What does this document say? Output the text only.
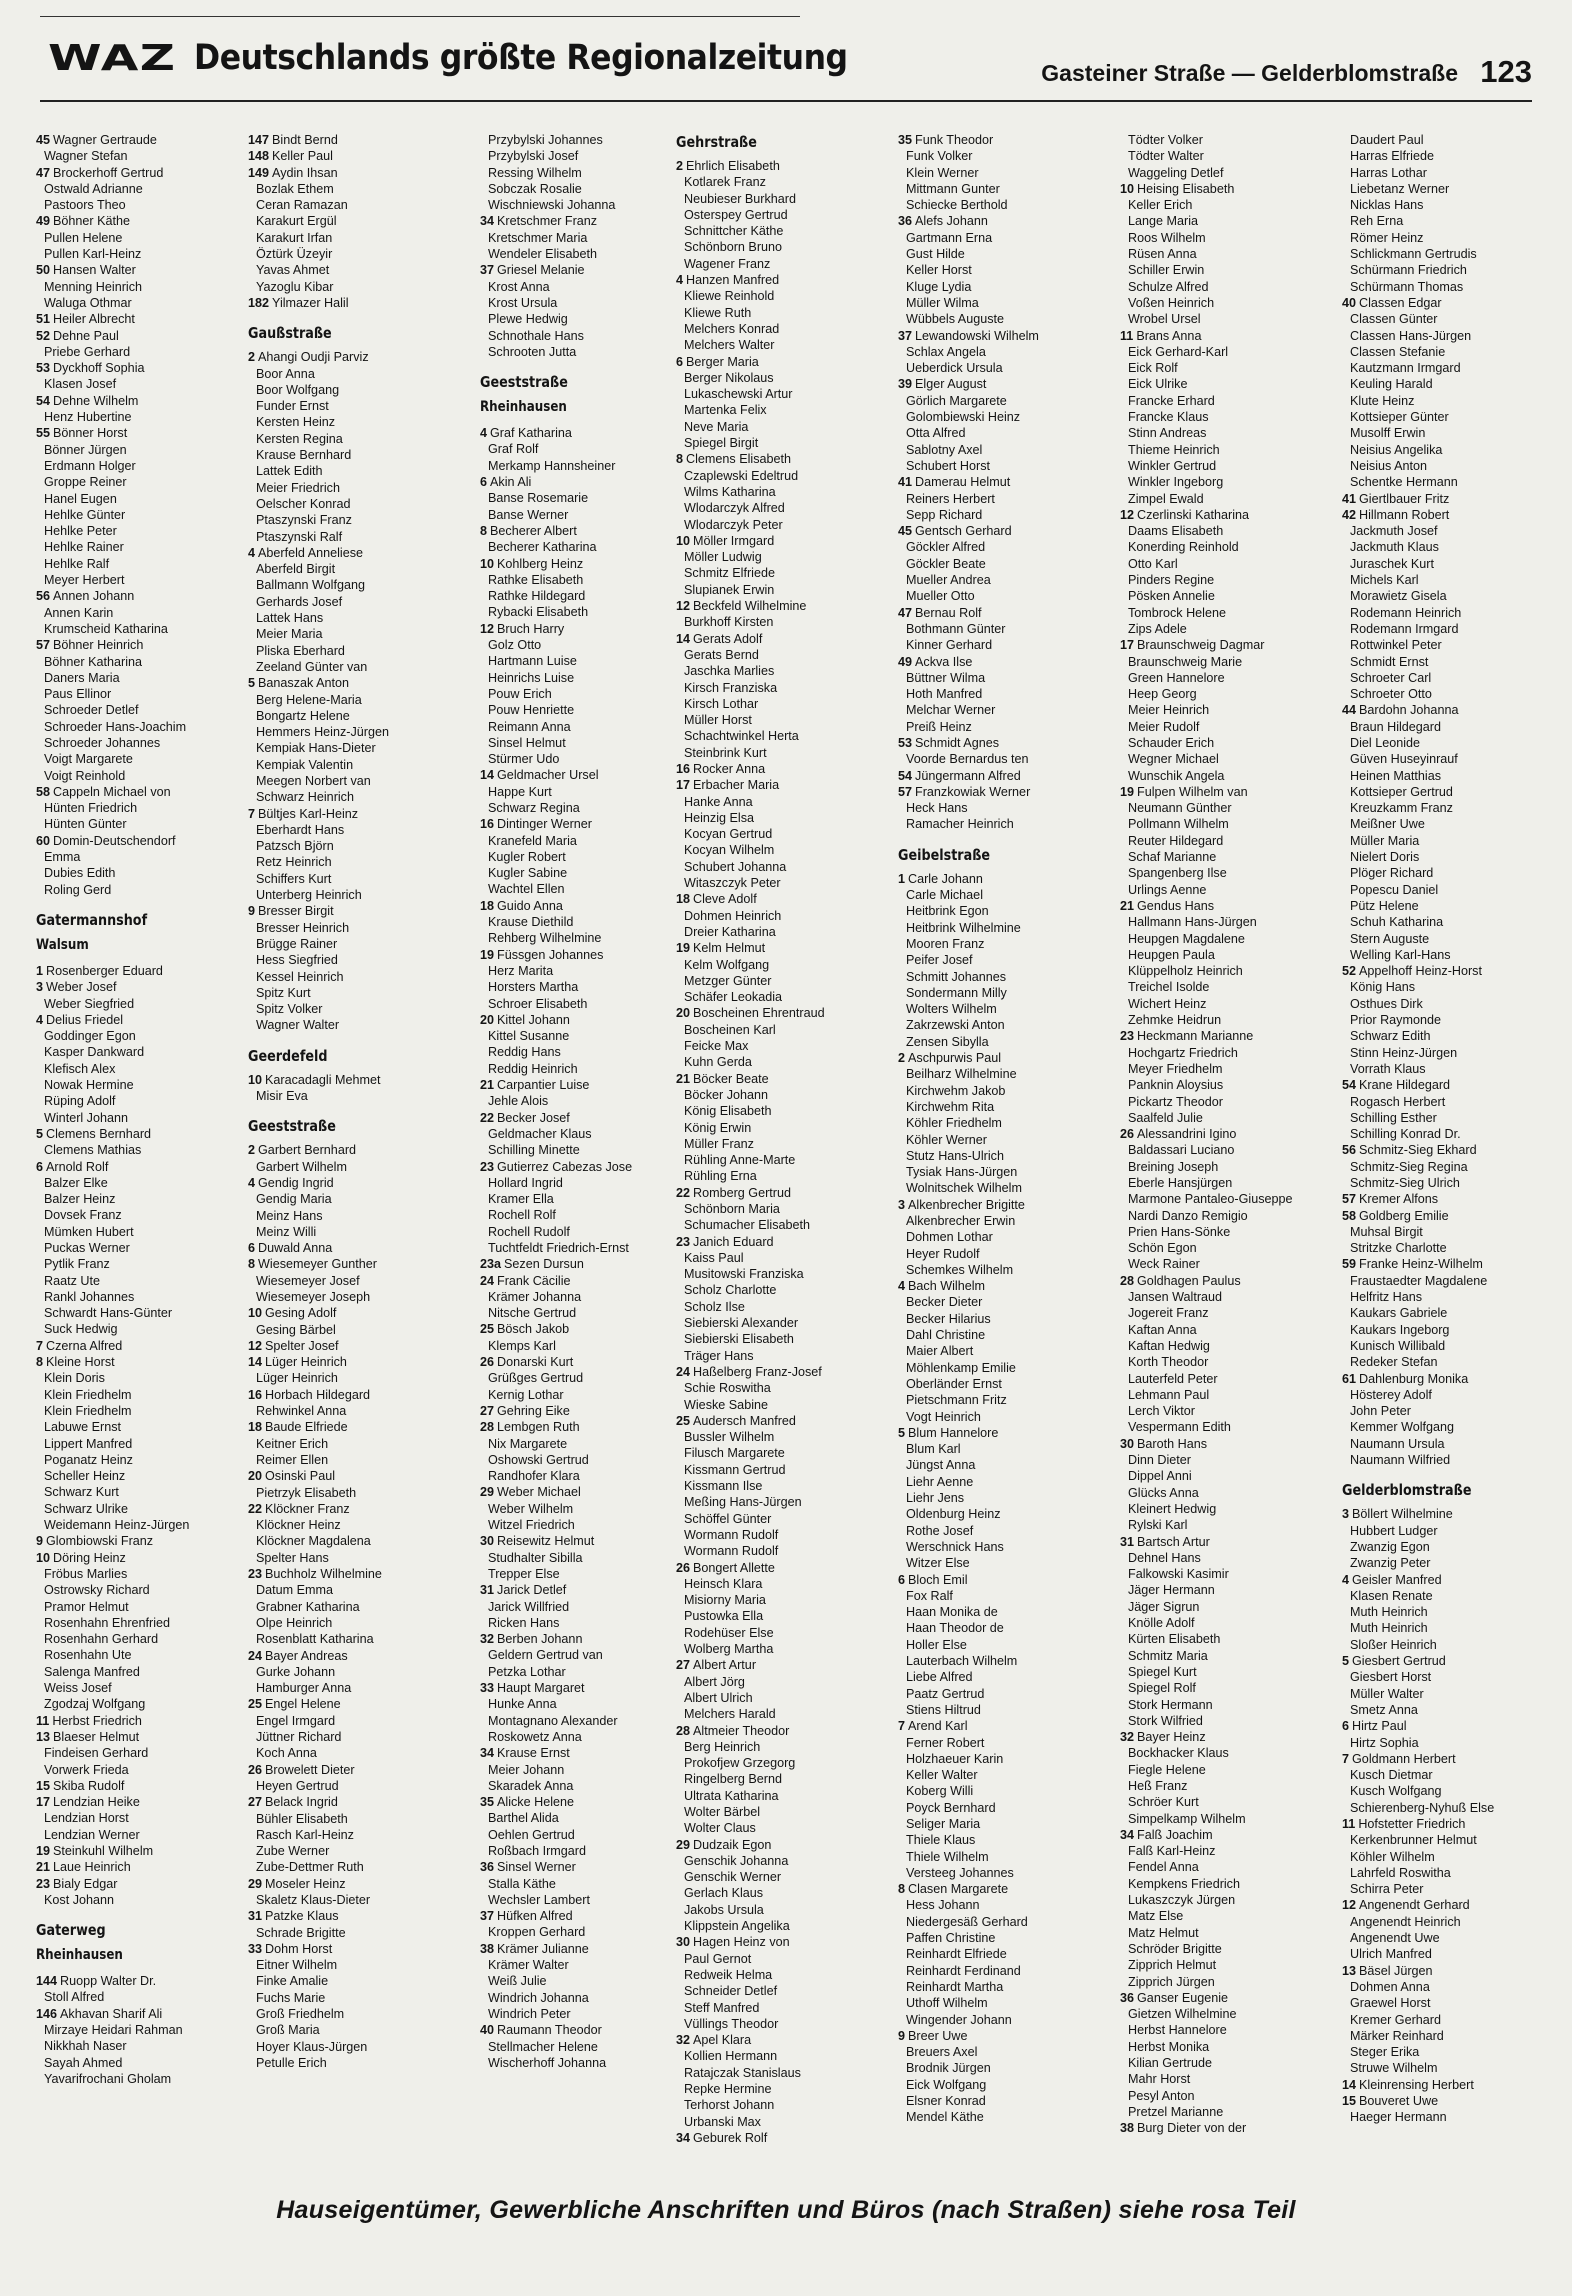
WAZ Deutschlands größte Regionalzeitung	Gasteiner Straße — Gelderblomstraße 123
45 Wagner Gertraude
Wagner Stefan
47 Brockerhoff Gertrud
Ostwald Adrianne
Pastoors Theo
49 Böhner Käthe
Pullen Helene
Pullen Karl-Heinz
50 Hansen Walter
Menning Heinrich
Waluga Othmar
51 Heiler Albrecht
52 Dehne Paul
Priebe Gerhard
53 Dyckhoff Sophia
Klasen Josef
54 Dehne Wilhelm
Henz Hubertine
55 Bönner Horst
Bönner Jürgen
Erdmann Holger
Groppe Reiner
Hanel Eugen
Hehlke Günter
Hehlke Peter
Hehlke Rainer
Hehlke Ralf
Meyer Herbert
56 Annen Johann
Annen Karin
Krumscheid Katharina
57 Böhner Heinrich
Böhner Katharina
Daners Maria
Paus Ellinor
Schroeder Detlef
Schroeder Hans-Joachim
Schroeder Johannes
Voigt Margarete
Voigt Reinhold
58 Cappeln Michael von
Hünten Friedrich
Hünten Günter
60 Domin-Deutschendorf
Emma
Dubies Edith
Roling Gerd
Gatermannshof
Walsum
1 Rosenberger Eduard
3 Weber Josef
Weber Siegfried
4 Delius Friedel
Goddinger Egon
Kasper Dankward
Klefisch Alex
Nowak Hermine
Rüping Adolf
Winterl Johann
5 Clemens Bernhard
Clemens Mathias
6 Arnold Rolf
Balzer Elke
Balzer Heinz
Dovsek Franz
Mümken Hubert
Puckas Werner
Pytlik Franz
Raatz Ute
Rankl Johannes
Schwardt Hans-Günter
Suck Hedwig
7 Czerna Alfred
8 Kleine Horst
Klein Doris
Klein Friedhelm
Klein Friedhelm
Labuwe Ernst
Lippert Manfred
Poganatz Heinz
Scheller Heinz
Schwarz Kurt
Schwarz Ulrike
Weidemann Heinz-Jürgen
9 Glombiowski Franz
10 Döring Heinz
Fröbus Marlies
Ostrowsky Richard
Pramor Helmut
Rosenhahn Ehrenfried
Rosenhahn Gerhard
Rosenhahn Ute
Salenga Manfred
Weiss Josef
Zgodzaj Wolfgang
11 Herbst Friedrich
13 Blaeser Helmut
Findeisen Gerhard
Vorwerk Frieda
15 Skiba Rudolf
17 Lendzian Heike
Lendzian Horst
Lendzian Werner
19 Steinkuhl Wilhelm
21 Laue Heinrich
23 Bialy Edgar
Kost Johann
Gaterweg
Rheinhausen
144 Ruopp Walter Dr.
Stoll Alfred
146 Akhavan Sharif Ali
Mirzaye Heidari Rahman
Nikkhah Naser
Sayah Ahmed
Yavarifrochani Gholam
147 Bindt Bernd
148 Keller Paul
149 Aydin Ihsan
Bozlak Ethem
Ceran Ramazan
Karakurt Ergül
Karakurt Irfan
Öztürk Üzeyir
Yavas Ahmet
Yazoglu Kibar
182 Yilmazer Halil
Gaußstraße
2 Ahangi Oudji Parviz
Boor Anna
Boor Wolfgang
Funder Ernst
Kersten Heinz
Kersten Regina
Krause Bernhard
Lattek Edith
Meier Friedrich
Oelscher Konrad
Ptaszynski Franz
Ptaszynski Ralf
4 Aberfeld Anneliese
Aberfeld Birgit
Ballmann Wolfgang
Gerhards Josef
Lattek Hans
Meier Maria
Pliska Eberhard
Zeeland Günter van
5 Banaszak Anton
Berg Helene-Maria
Bongartz Helene
Hemmers Heinz-Jürgen
Kempiak Hans-Dieter
Kempiak Valentin
Meegen Norbert van
Schwarz Heinrich
7 Bültjes Karl-Heinz
Eberhardt Hans
Patzsch Björn
Retz Heinrich
Schiffers Kurt
Unterberg Heinrich
9 Bresser Birgit
Bresser Heinrich
Brügge Rainer
Hess Siegfried
Kessel Heinrich
Spitz Kurt
Spitz Volker
Wagner Walter
Geerdefeld
10 Karacadagli Mehmet
Misir Eva
Geeststraße
2 Garbert Bernhard
Garbert Wilhelm
4 Gendig Ingrid
Gendig Maria
Meinz Hans
Meinz Willi
6 Duwald Anna
8 Wiesemeyer Gunther
Wiesemeyer Josef
Wiesemeyer Joseph
10 Gesing Adolf
Gesing Bärbel
12 Spelter Josef
14 Lüger Heinrich
Lüger Heinrich
16 Horbach Hildegard
Rehwinkel Anna
18 Baude Elfriede
Keitner Erich
Reimer Ellen
20 Osinski Paul
Pietrzyk Elisabeth
22 Klöckner Franz
Klöckner Heinz
Klöckner Magdalena
Spelter Hans
23 Buchholz Wilhelmine
Datum Emma
Grabner Katharina
Olpe Heinrich
Rosenblatt Katharina
24 Bayer Andreas
Gurke Johann
Hamburger Anna
25 Engel Helene
Engel Irmgard
Jüttner Richard
Koch Anna
26 Browelett Dieter
Heyen Gertrud
27 Belack Ingrid
Bühler Elisabeth
Rasch Karl-Heinz
Zube Werner
Zube-Dettmer Ruth
29 Moseler Heinz
Skaletz Klaus-Dieter
31 Patzke Klaus
Schrade Brigitte
33 Dohm Horst
Eitner Wilhelm
Finke Amalie
Fuchs Marie
Groß Friedhelm
Groß Maria
Hoyer Klaus-Jürgen
Petulle Erich
Przybylski Johannes
Przybylski Josef
Ressing Wilhelm
Sobczak Rosalie
Wischniewski Johanna
34 Kretschmer Franz
Kretschmer Maria
Wendeler Elisabeth
37 Griesel Melanie
Krost Anna
Krost Ursula
Plewe Hedwig
Schnothale Hans
Schrooten Jutta
Geeststraße
Rheinhausen
4 Graf Katharina
Graf Rolf
Merkamp Hannsheiner
6 Akin Ali
Banse Rosemarie
Banse Werner
8 Becherer Albert
Becherer Katharina
10 Kohlberg Heinz
Rathke Elisabeth
Rathke Hildegard
Rybacki Elisabeth
12 Bruch Harry
Golz Otto
Hartmann Luise
Heinrichs Luise
Pouw Erich
Pouw Henriette
Reimann Anna
Sinsel Helmut
Stürmer Udo
14 Geldmacher Ursel
Happe Kurt
Schwarz Regina
16 Dintinger Werner
Kranefeld Maria
Kugler Robert
Kugler Sabine
Wachtel Ellen
18 Guido Anna
Krause Diethild
Rehberg Wilhelmine
19 Füssgen Johannes
Herz Marita
Horsters Martha
Schroer Elisabeth
20 Kittel Johann
Kittel Susanne
Reddig Hans
Reddig Heinrich
21 Carpantier Luise
Jehle Alois
22 Becker Josef
Geldmacher Klaus
Schilling Minette
23 Gutierrez Cabezas Jose
Hollard Ingrid
Kramer Ella
Rochell Rolf
Rochell Rudolf
Tuchtfeldt Friedrich-Ernst
23a Sezen Dursun
24 Frank Cäcilie
Krämer Johanna
Nitsche Gertrud
25 Bösch Jakob
Klemps Karl
26 Donarski Kurt
Grüßges Gertrud
Kernig Lothar
27 Gehring Eike
28 Lembgen Ruth
Nix Margarete
Oshowski Gertrud
Randhofer Klara
29 Weber Michael
Weber Wilhelm
Witzel Friedrich
30 Reisewitz Helmut
Studhalter Sibilla
Trepper Else
31 Jarick Detlef
Jarick Willfried
Ricken Hans
32 Berben Johann
Geldern Gertrud van
Petzka Lothar
33 Haupt Margaret
Hunke Anna
Montagnano Alexander
Roskowetz Anna
34 Krause Ernst
Meier Johann
Skaradek Anna
35 Alicke Helene
Barthel Alida
Oehlen Gertrud
Roßbach Irmgard
36 Sinsel Werner
Stalla Käthe
Wechsler Lambert
37 Hüfken Alfred
Kroppen Gerhard
38 Krämer Julianne
Krämer Walter
Weiß Julie
Windrich Johanna
Windrich Peter
40 Raumann Theodor
Stellmacher Helene
Wischerhoff Johanna
Gehrstraße
2 Ehrlich Elisabeth
Kotlarek Franz
Neubieser Burkhard
Osterspey Gertrud
Schnittcher Käthe
Schönborn Bruno
Wagener Franz
4 Hanzen Manfred
Kliewe Reinhold
Kliewe Ruth
Melchers Konrad
Melchers Walter
6 Berger Maria
Berger Nikolaus
Lukaschewski Artur
Martenka Felix
Neve Maria
Spiegel Birgit
8 Clemens Elisabeth
Czaplewski Edeltrud
Wilms Katharina
Wlodarczyk Alfred
Wlodarczyk Peter
10 Möller Irmgard
Möller Ludwig
Schmitz Elfriede
Slupianek Erwin
12 Beckfeld Wilhelmine
Burkhoff Kirsten
14 Gerats Adolf
Gerats Bernd
Jaschka Marlies
Kirsch Franziska
Kirsch Lothar
Müller Horst
Schachtwinkel Herta
Steinbrink Kurt
16 Rocker Anna
17 Erbacher Maria
Hanke Anna
Heinzig Elsa
Kocyan Gertrud
Kocyan Wilhelm
Schubert Johanna
Witaszczyk Peter
18 Cleve Adolf
Dohmen Heinrich
Dreier Katharina
19 Kelm Helmut
Kelm Wolfgang
Metzger Günter
Schäfer Leokadia
20 Boscheinen Ehrentraud
Boscheinen Karl
Feicke Max
Kuhn Gerda
21 Böcker Beate
Böcker Johann
König Elisabeth
König Erwin
Müller Franz
Rühling Anne-Marte
Rühling Erna
22 Romberg Gertrud
Schönborn Maria
Schumacher Elisabeth
23 Janich Eduard
Kaiss Paul
Musitowski Franziska
Scholz Charlotte
Scholz Ilse
Siebierski Alexander
Siebierski Elisabeth
Träger Hans
24 Haßelberg Franz-Josef
Schie Roswitha
Wieske Sabine
25 Audersch Manfred
Bussler Wilhelm
Filusch Margarete
Kissmann Gertrud
Kissmann Ilse
Meßing Hans-Jürgen
Schöffel Günter
Wormann Rudolf
Wormann Rudolf
26 Bongert Allette
Heinsch Klara
Misiorny Maria
Pustowka Ella
Rodehüser Else
Wolberg Martha
27 Albert Artur
Albert Jörg
Albert Ulrich
Melchers Harald
28 Altmeier Theodor
Berg Heinrich
Prokofjew Grzegorg
Ringelberg Bernd
Ultrata Katharina
Wolter Bärbel
Wolter Claus
29 Dudzaik Egon
Genschik Johanna
Genschik Werner
Gerlach Klaus
Jakobs Ursula
Klippstein Angelika
30 Hagen Heinz von
Paul Gernot
Redweik Helma
Schneider Detlef
Steff Manfred
Vüllings Theodor
32 Apel Klara
Kollien Hermann
Ratajczak Stanislaus
Repke Hermine
Terhorst Johann
Urbanski Max
34 Geburek Rolf
35 Funk Theodor
Funk Volker
Klein Werner
Mittmann Gunter
Schiecke Berthold
36 Alefs Johann
Gartmann Erna
Gust Hilde
Keller Horst
Kluge Lydia
Müller Wilma
Wübbels Auguste
37 Lewandowski Wilhelm
Schlax Angela
Ueberdick Ursula
39 Elger August
Görlich Margarete
Golombiewski Heinz
Otta Alfred
Sablotny Axel
Schubert Horst
41 Damerau Helmut
Reiners Herbert
Sepp Richard
45 Gentsch Gerhard
Göckler Alfred
Göckler Beate
Mueller Andrea
Mueller Otto
47 Bernau Rolf
Bothmann Günter
Kinner Gerhard
49 Ackva Ilse
Büttner Wilma
Hoth Manfred
Melchar Werner
Preiß Heinz
53 Schmidt Agnes
Voorde Bernardus ten
54 Jüngermann Alfred
57 Franzkowiak Werner
Heck Hans
Ramacher Heinrich
Geibelstraße
1 Carle Johann
Carle Michael
Heitbrink Egon
Heitbrink Wilhelmine
Mooren Franz
Peifer Josef
Schmitt Johannes
Sondermann Milly
Wolters Wilhelm
Zakrzewski Anton
Zensen Sibylla
2 Aschpurwis Paul
Beilharz Wilhelmine
Kirchwehm Jakob
Kirchwehm Rita
Köhler Friedhelm
Köhler Werner
Stutz Hans-Ulrich
Tysiak Hans-Jürgen
Wolnitschek Wilhelm
3 Alkenbrecher Brigitte
Alkenbrecher Erwin
Dohmen Lothar
Heyer Rudolf
Schemkes Wilhelm
4 Bach Wilhelm
Becker Dieter
Becker Hilarius
Dahl Christine
Maier Albert
Möhlenkamp Emilie
Oberländer Ernst
Pietschmann Fritz
Vogt Heinrich
5 Blum Hannelore
Blum Karl
Jüngst Anna
Liehr Aenne
Liehr Jens
Oldenburg Heinz
Rothe Josef
Werschnick Hans
Witzer Else
6 Bloch Emil
Fox Ralf
Haan Monika de
Haan Theodor de
Holler Else
Lauterbach Wilhelm
Liebe Alfred
Paatz Gertrud
Stiens Hiltrud
7 Arend Karl
Ferner Robert
Holzhaeuer Karin
Keller Walter
Koberg Willi
Poyck Bernhard
Seliger Maria
Thiele Klaus
Thiele Wilhelm
Versteeg Johannes
8 Clasen Margarete
Hess Johann
Niedergesäß Gerhard
Paffen Christine
Reinhardt Elfriede
Reinhardt Ferdinand
Reinhardt Martha
Uthoff Wilhelm
Wingender Johann
9 Breer Uwe
Breuers Axel
Brodnik Jürgen
Eick Wolfgang
Elsner Konrad
Mendel Käthe
Tödter Volker
Tödter Walter
Waggeling Detlef
10 Heising Elisabeth
Keller Erich
Lange Maria
Roos Wilhelm
Rüsen Anna
Schiller Erwin
Schulze Alfred
Voßen Heinrich
Wrobel Ursel
11 Brans Anna
Eick Gerhard-Karl
Eick Rolf
Eick Ulrike
Francke Erhard
Francke Klaus
Stinn Andreas
Thieme Heinrich
Winkler Gertrud
Winkler Ingeborg
Zimpel Ewald
12 Czerlinski Katharina
Daams Elisabeth
Konerding Reinhold
Otto Karl
Pinders Regine
Pösken Annelie
Tombrock Helene
Zips Adele
17 Braunschweig Dagmar
Braunschweig Marie
Green Hannelore
Heep Georg
Meier Heinrich
Meier Rudolf
Schauder Erich
Wegner Michael
Wunschik Angela
19 Fulpen Wilhelm van
Neumann Günther
Pollmann Wilhelm
Reuter Hildegard
Schaf Marianne
Spangenberg Ilse
Urlings Aenne
21 Gendus Hans
Hallmann Hans-Jürgen
Heupgen Magdalene
Heupgen Paula
Klüppelholz Heinrich
Treichel Isolde
Wichert Heinz
Zehmke Heidrun
23 Heckmann Marianne
Hochgartz Friedrich
Meyer Friedhelm
Panknin Aloysius
Pickartz Theodor
Saalfeld Julie
26 Alessandrini Igino
Baldassari Luciano
Breining Joseph
Eberle Hansjürgen
Marmone Pantaleo-Giuseppe
Nardi Danzo Remigio
Prien Hans-Sönke
Schön Egon
Weck Rainer
28 Goldhagen Paulus
Jansen Waltraud
Jogereit Franz
Kaftan Anna
Kaftan Hedwig
Korth Theodor
Lauterfeld Peter
Lehmann Paul
Lerch Viktor
Vespermann Edith
30 Baroth Hans
Dinn Dieter
Dippel Anni
Glücks Anna
Kleinert Hedwig
Rylski Karl
31 Bartsch Artur
Dehnel Hans
Falkowski Kasimir
Jäger Hermann
Jäger Sigrun
Knölle Adolf
Kürten Elisabeth
Schmitz Maria
Spiegel Kurt
Spiegel Rolf
Stork Hermann
Stork Wilfried
32 Bayer Heinz
Bockhacker Klaus
Fiegle Helene
Heß Franz
Schröer Kurt
Simpelkamp Wilhelm
34 Falß Joachim
Falß Karl-Heinz
Fendel Anna
Kempkens Friedrich
Lukaszczyk Jürgen
Matz Else
Matz Helmut
Schröder Brigitte
Zipprich Helmut
Zipprich Jürgen
36 Ganser Eugenie
Gietzen Wilhelmine
Herbst Hannelore
Herbst Monika
Kilian Gertrude
Mahr Horst
Pesyl Anton
Pretzel Marianne
38 Burg Dieter von der
Daudert Paul
Harras Elfriede
Harras Lothar
Liebetanz Werner
Nicklas Hans
Reh Erna
Römer Heinz
Schlickmann Gertrudis
Schürmann Friedrich
Schürmann Thomas
40 Classen Edgar
Classen Günter
Classen Hans-Jürgen
Classen Stefanie
Kautzmann Irmgard
Keuling Harald
Klute Heinz
Kottsieper Günter
Musolff Erwin
Neisius Angelika
Neisius Anton
Schentke Hermann
41 Giertlbauer Fritz
42 Hillmann Robert
Jackmuth Josef
Jackmuth Klaus
Juraschek Kurt
Michels Karl
Morawietz Gisela
Rodemann Heinrich
Rodemann Irmgard
Rottwinkel Peter
Schmidt Ernst
Schroeter Carl
Schroeter Otto
44 Bardohn Johanna
Braun Hildegard
Diel Leonide
Güven Huseyinrauf
Heinen Matthias
Kottsieper Gertrud
Kreuzkamm Franz
Meißner Uwe
Müller Maria
Nielert Doris
Plöger Richard
Popescu Daniel
Pütz Helene
Schuh Katharina
Stern Auguste
Welling Karl-Hans
52 Appelhoff Heinz-Horst
König Hans
Osthues Dirk
Prior Raymonde
Schwarz Edith
Stinn Heinz-Jürgen
Vorrath Klaus
54 Krane Hildegard
Rogasch Herbert
Schilling Esther
Schilling Konrad Dr.
56 Schmitz-Sieg Ekhard
Schmitz-Sieg Regina
Schmitz-Sieg Ulrich
57 Kremer Alfons
58 Goldberg Emilie
Muhsal Birgit
Stritzke Charlotte
59 Franke Heinz-Wilhelm
Fraustaedter Magdalene
Helfritz Hans
Kaukars Gabriele
Kaukars Ingeborg
Kunisch Willibald
Redeker Stefan
61 Dahlenburg Monika
Hösterey Adolf
John Peter
Kemmer Wolfgang
Naumann Ursula
Naumann Wilfried
Gelderblomstraße
3 Böllert Wilhelmine
Hubbert Ludger
Zwanzig Egon
Zwanzig Peter
4 Geisler Manfred
Klasen Renate
Muth Heinrich
Muth Heinrich
Sloßer Heinrich
5 Giesbert Gertrud
Giesbert Horst
Müller Walter
Smetz Anna
6 Hirtz Paul
Hirtz Sophia
7 Goldmann Herbert
Kusch Dietmar
Kusch Wolfgang
Schierenberg-Nyhuß Else
11 Hofstetter Friedrich
Kerkenbrunner Helmut
Köhler Wilhelm
Lahrfeld Roswitha
Schirra Peter
12 Angenendt Gerhard
Angenendt Heinrich
Angenendt Uwe
Ulrich Manfred
13 Bäsel Jürgen
Dohmen Anna
Graewel Horst
Kremer Gerhard
Märker Reinhard
Steger Erika
Struwe Wilhelm
14 Kleinrensing Herbert
15 Bouveret Uwe
Haeger Hermann
Hauseigentümer, Gewerbliche Anschriften und Büros (nach Straßen) siehe rosa Teil
